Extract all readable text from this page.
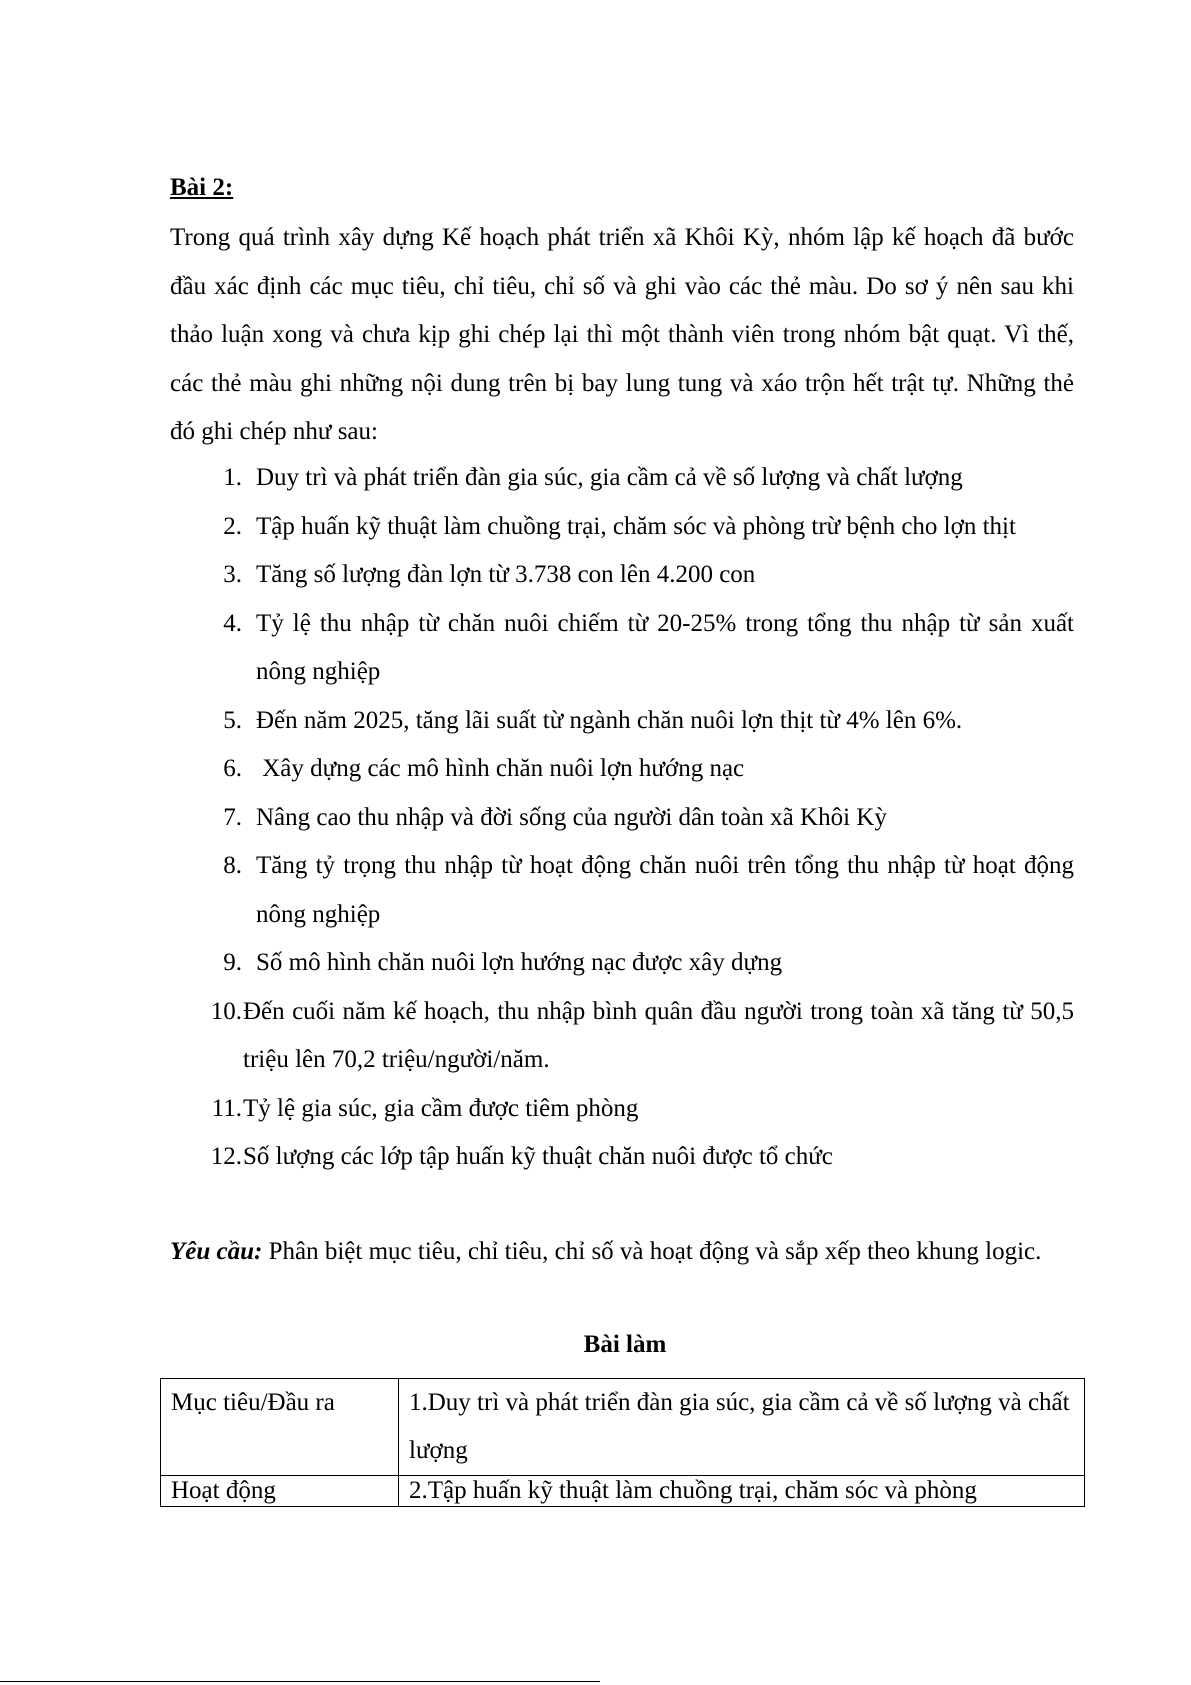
Bài 2:
Trong quá trình xây dựng Kế hoạch phát triển xã Khôi Kỳ, nhóm lập kế hoạch đã bước đầu xác định các mục tiêu, chỉ tiêu, chỉ số và ghi vào các thẻ màu. Do sơ ý nên sau khi thảo luận xong và chưa kịp ghi chép lại thì một thành viên trong nhóm bật quạt. Vì thế, các thẻ màu ghi những nội dung trên bị bay lung tung và xáo trộn hết trật tự. Những thẻ đó ghi chép như sau:
1. Duy trì và phát triển đàn gia súc, gia cầm cả về số lượng và chất lượng
2. Tập huấn kỹ thuật làm chuồng trại, chăm sóc và phòng trừ bệnh cho lợn thịt
3. Tăng số lượng đàn lợn từ 3.738 con lên 4.200 con
4. Tỷ lệ thu nhập từ chăn nuôi chiếm từ 20-25% trong tổng thu nhập từ sản xuất nông nghiệp
5. Đến năm 2025, tăng lãi suất từ ngành chăn nuôi lợn thịt từ 4% lên 6%.
6. Xây dựng các mô hình chăn nuôi lợn hướng nạc
7. Nâng cao thu nhập và đời sống của người dân toàn xã Khôi Kỳ
8. Tăng tỷ trọng thu nhập từ hoạt động chăn nuôi trên tổng thu nhập từ hoạt động nông nghiệp
9. Số mô hình chăn nuôi lợn hướng nạc được xây dựng
10. Đến cuối năm kế hoạch, thu nhập bình quân đầu người trong toàn xã tăng từ 50,5 triệu lên 70,2 triệu/người/năm.
11. Tỷ lệ gia súc, gia cầm được tiêm phòng
12. Số lượng các lớp tập huấn kỹ thuật chăn nuôi được tổ chức
Yêu cầu: Phân biệt mục tiêu, chỉ tiêu, chỉ số và hoạt động và sắp xếp theo khung logic.
Bài làm
Mục tiêu/Đầu ra	1.Duy trì và phát triển đàn gia súc, gia cầm cả về số lượng và chất lượng

Hoạt động	2.Tập huấn kỹ thuật làm chuồng trại, chăm sóc và phòng
